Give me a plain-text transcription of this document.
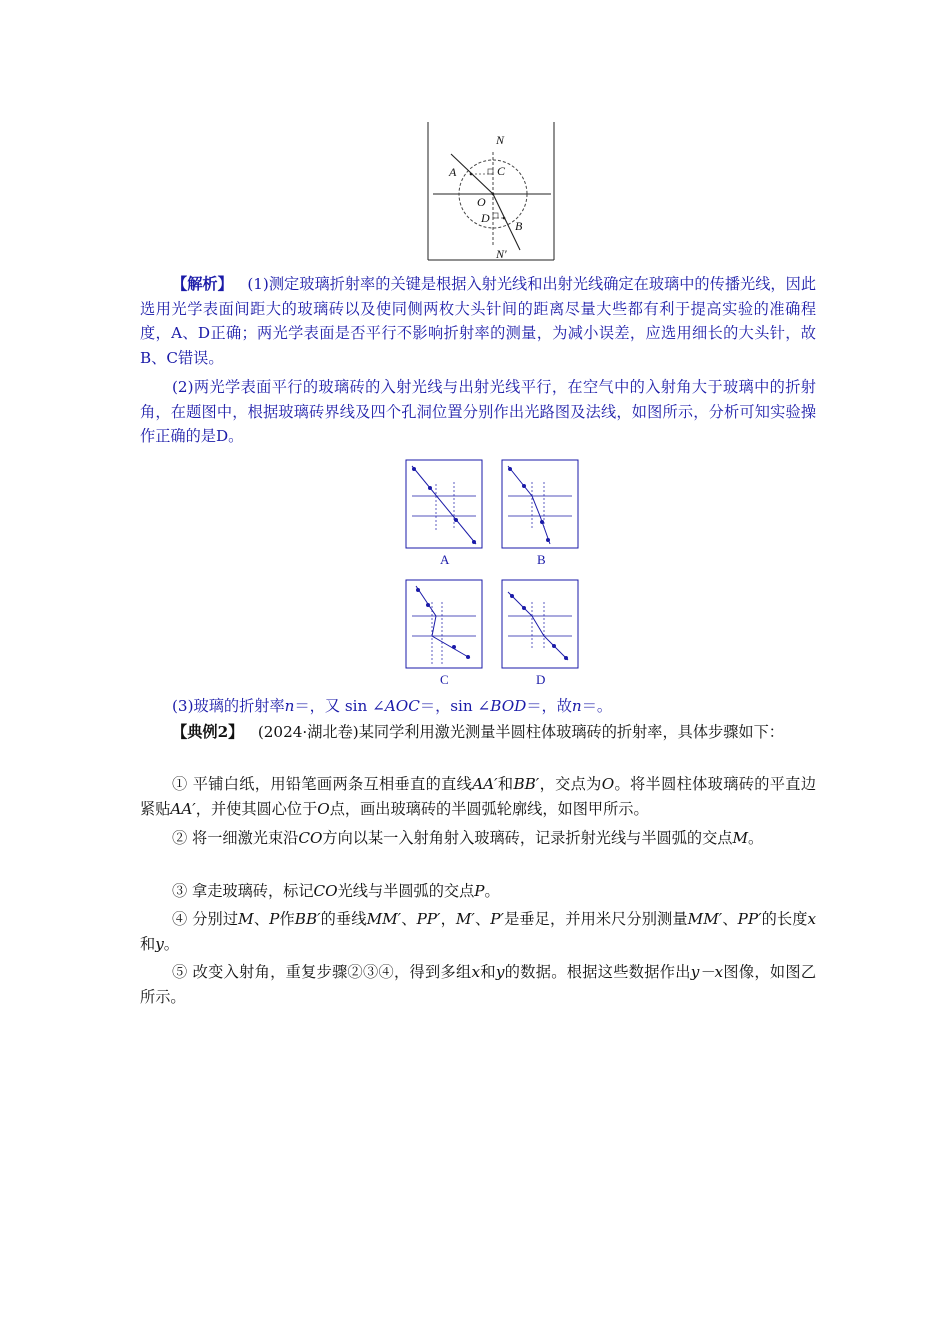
N
A	C
O
D
B
N′

【解析】 (1)测定玻璃折射率的关键是根据入射光线和出射光线确定在玻璃中的传播光线，因此选用光学表面间距大的玻璃砖以及使同侧两枚大头针间的距离尽量大些都有利于提高实验的准确程度，A、D正确；两光学表面是否平行不影响折射率的测量，为减小误差，应选用细长的大头针，故B、C错误。

(2)两光学表面平行的玻璃砖的入射光线与出射光线平行，在空气中的入射角大于玻璃中的折射角，在题图中，根据玻璃砖界线及四个孔洞位置分别作出光路图及法线，如图所示，分析可知实验操作正确的是D。

A	B
C	D

(3)玻璃的折射率n＝，又 sin ∠AOC＝，sin ∠BOD＝，故n＝。

【典例2】 (2024·湖北卷)某同学利用激光测量半圆柱体玻璃砖的折射率，具体步骤如下：

① 平铺白纸，用铅笔画两条互相垂直的直线AA′和BB′，交点为O。将半圆柱体玻璃砖的平直边紧贴AA′，并使其圆心位于O点，画出玻璃砖的半圆弧轮廓线，如图甲所示。

② 将一细激光束沿CO方向以某一入射角射入玻璃砖，记录折射光线与半圆弧的交点M。

③ 拿走玻璃砖，标记CO光线与半圆弧的交点P。

④ 分别过M、P作BB′的垂线MM′、PP′，M′、P′是垂足，并用米尺分别测量MM′、PP′的长度x和y。

⑤ 改变入射角，重复步骤②③④，得到多组x和y的数据。根据这些数据作出y－x图像，如图乙所示。
